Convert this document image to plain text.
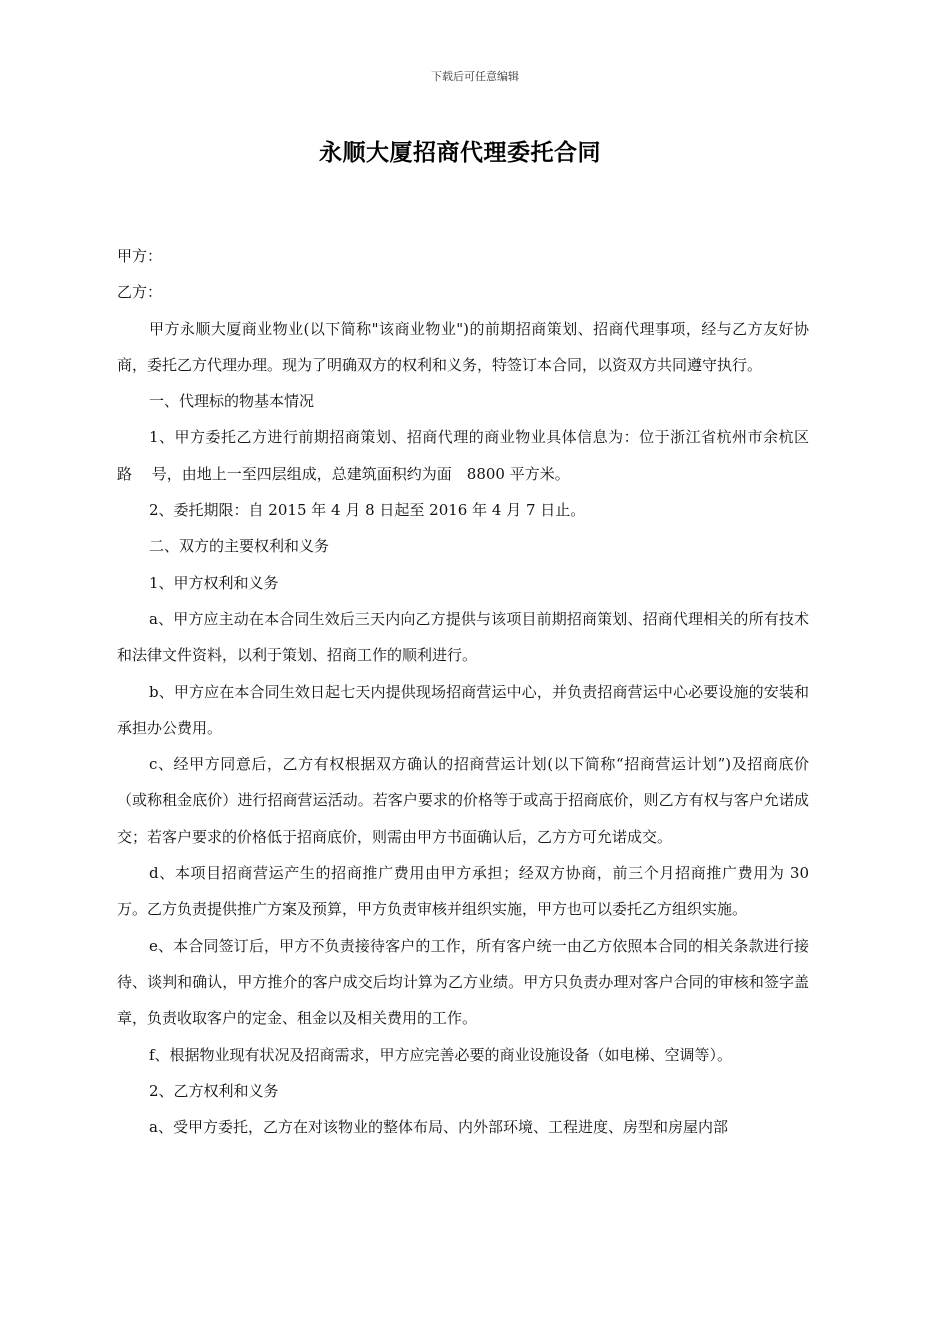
下载后可任意编辑
永顺大厦招商代理委托合同

甲方：

乙方：

甲方永顺大厦商业物业(以下简称"该商业物业")的前期招商策划、招商代理事项，经与乙方友好协商，委托乙方代理办理。现为了明确双方的权利和义务，特签订本合同，以资双方共同遵守执行。

一、代理标的物基本情况

1、甲方委托乙方进行前期招商策划、招商代理的商业物业具体信息为：位于浙江省杭州市余杭区　 路　 号，由地上一至四层组成，总建筑面积约为面　8800 平方米。

2、委托期限：自 2015 年 4 月 8 日起至 2016 年 4 月 7 日止。

二、双方的主要权利和义务

1、甲方权利和义务

a、甲方应主动在本合同生效后三天内向乙方提供与该项目前期招商策划、招商代理相关的所有技术和法律文件资料，以利于策划、招商工作的顺利进行。

b、甲方应在本合同生效日起七天内提供现场招商营运中心，并负责招商营运中心必要设施的安装和承担办公费用。

c、经甲方同意后，乙方有权根据双方确认的招商营运计划(以下简称“招商营运计划”)及招商底价（或称租金底价）进行招商营运活动。若客户要求的价格等于或高于招商底价，则乙方有权与客户允诺成交；若客户要求的价格低于招商底价，则需由甲方书面确认后，乙方方可允诺成交。

d、本项目招商营运产生的招商推广费用由甲方承担；经双方协商，前三个月招商推广费用为 30 万。乙方负责提供推广方案及预算，甲方负责审核并组织实施，甲方也可以委托乙方组织实施。

e、本合同签订后，甲方不负责接待客户的工作，所有客户统一由乙方依照本合同的相关条款进行接待、谈判和确认，甲方推介的客户成交后均计算为乙方业绩。甲方只负责办理对客户合同的审核和签字盖章，负责收取客户的定金、租金以及相关费用的工作。

f、根据物业现有状况及招商需求，甲方应完善必要的商业设施设备（如电梯、空调等）。

2、乙方权利和义务

a、受甲方委托，乙方在对该物业的整体布局、内外部环境、工程进度、房型和房屋内部
